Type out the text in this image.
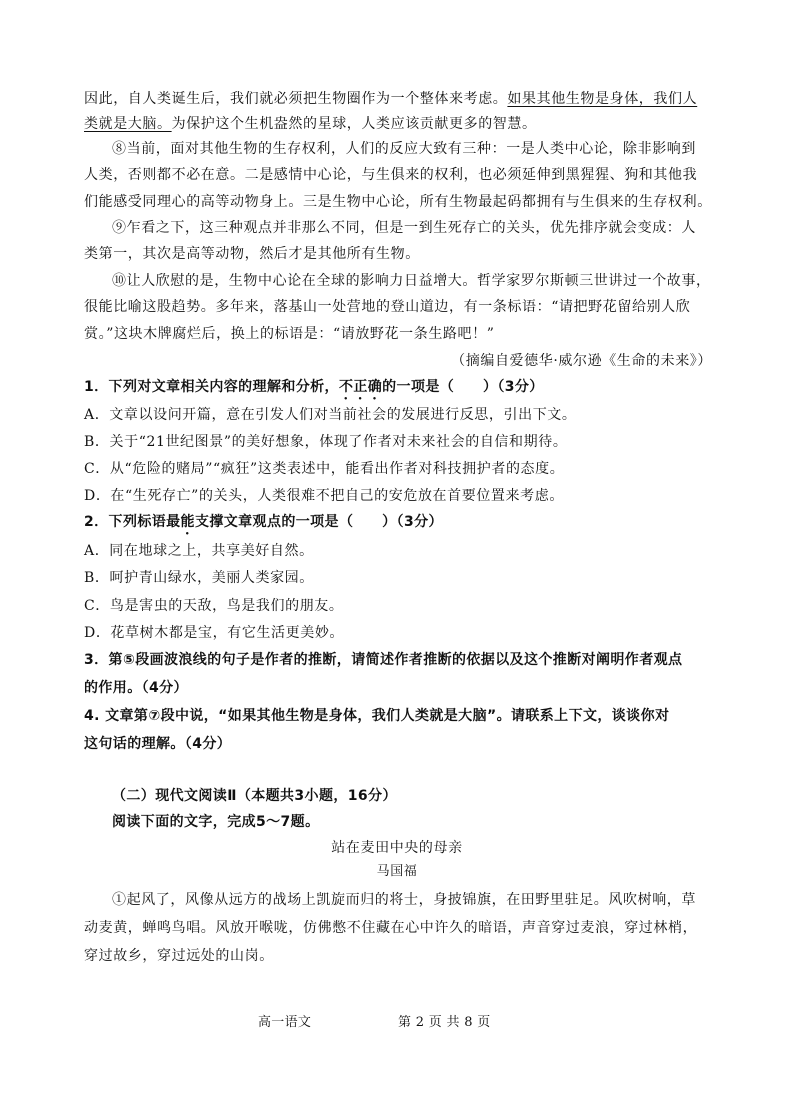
因此，自人类诞生后，我们就必须把生物圈作为一个整体来考虑。如果其他生物是身体，我们人
类就是大脑。为保护这个生机盎然的星球，人类应该贡献更多的智慧。
⑧当前，面对其他生物的生存权利，人们的反应大致有三种：一是人类中心论，除非影响到
人类，否则都不必在意。二是感情中心论，与生俱来的权利，也必须延伸到黑猩猩、狗和其他我
们能感受同理心的高等动物身上。三是生物中心论，所有生物最起码都拥有与生俱来的生存权利。
⑨乍看之下，这三种观点并非那么不同，但是一到生死存亡的关头，优先排序就会变成：人
类第一，其次是高等动物，然后才是其他所有生物。
⑩让人欣慰的是，生物中心论在全球的影响力日益增大。哲学家罗尔斯顿三世讲过一个故事，
很能比喻这股趋势。多年来，落基山一处营地的登山道边，有一条标语：“请把野花留给别人欣
赏。”这块木牌腐烂后，换上的标语是：“请放野花一条生路吧！”
（摘编自爱德华·威尔逊《生命的未来》）
1．下列对文章相关内容的理解和分析，不正确的一项是（　　）（3分）
A．文章以设问开篇，意在引发人们对当前社会的发展进行反思，引出下文。
B．关于“21世纪图景”的美好想象，体现了作者对未来社会的自信和期待。
C．从“危险的赌局”“疯狂”这类表述中，能看出作者对科技拥护者的态度。
D．在“生死存亡”的关头，人类很难不把自己的安危放在首要位置来考虑。
2．下列标语最能支撑文章观点的一项是（　　）（3分）
A．同在地球之上，共享美好自然。
B．呵护青山绿水，美丽人类家园。
C．鸟是害虫的天敌，鸟是我们的朋友。
D．花草树木都是宝，有它生活更美妙。
3．第⑤段画波浪线的句子是作者的推断，请简述作者推断的依据以及这个推断对阐明作者观点
的作用。（4分）
4. 文章第⑦段中说，“如果其他生物是身体，我们人类就是大脑”。请联系上下文，谈谈你对
这句话的理解。（4分）
（二）现代文阅读Ⅱ（本题共3小题，16分）
阅读下面的文字，完成5～7题。
站在麦田中央的母亲
马国福
①起风了，风像从远方的战场上凯旋而归的将士，身披锦旗，在田野里驻足。风吹树响，草
动麦黄，蝉鸣鸟唱。风放开喉咙，仿佛憋不住藏在心中许久的暗语，声音穿过麦浪，穿过林梢，
穿过故乡，穿过远处的山岗。
高一语文	第 2 页 共 8 页
